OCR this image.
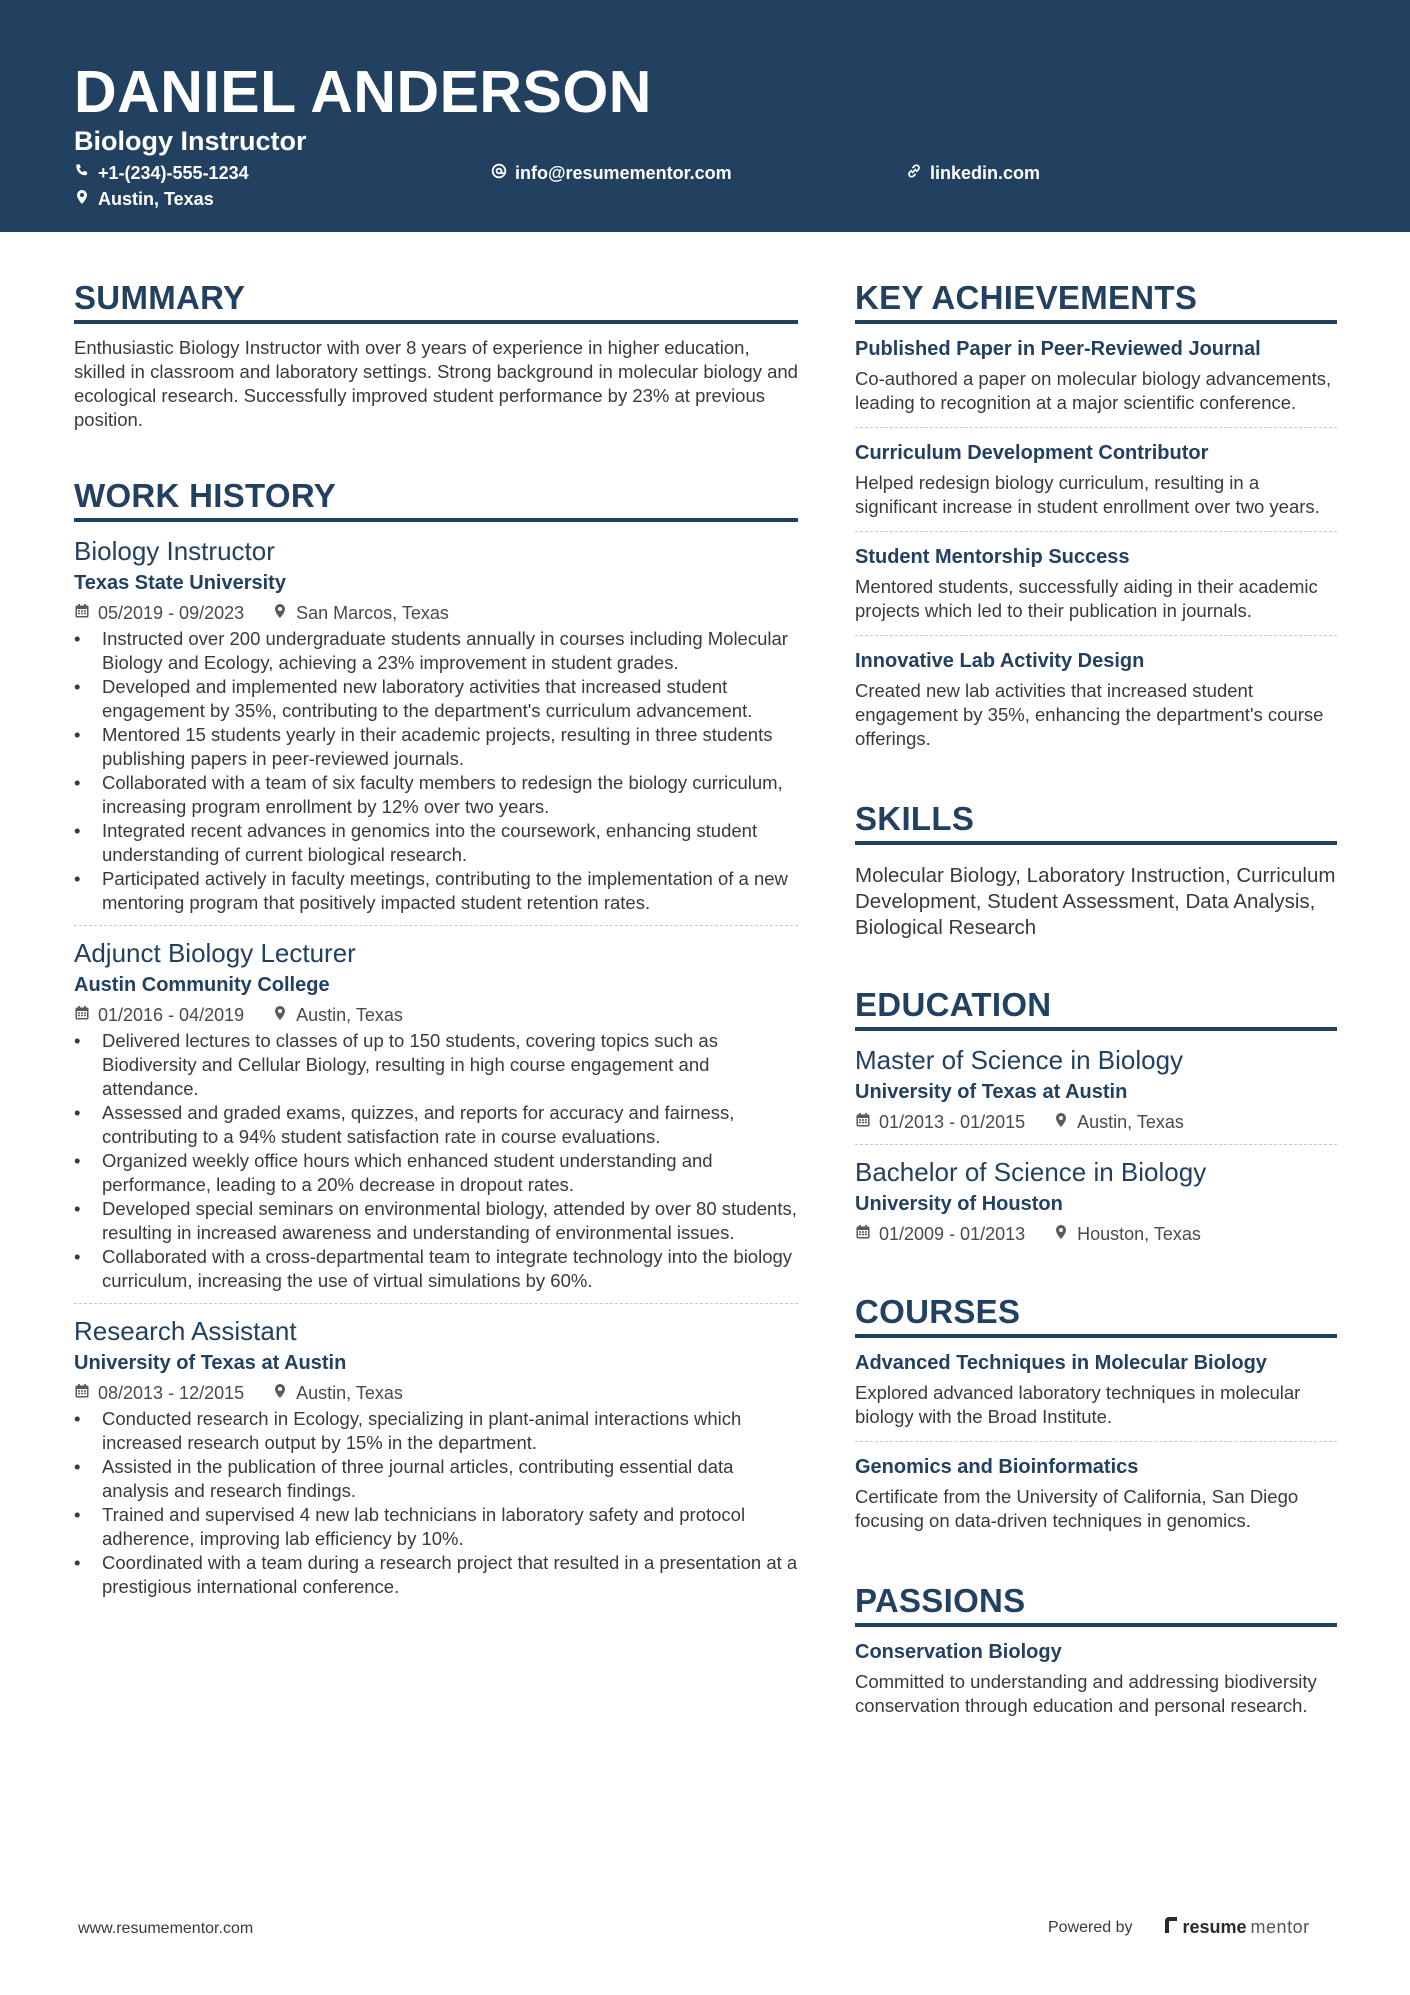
DANIEL ANDERSON
Biology Instructor
+1-(234)-555-1234	info@resumementor.com	linkedin.com
Austin, Texas
SUMMARY
Enthusiastic Biology Instructor with over 8 years of experience in higher education, skilled in classroom and laboratory settings. Strong background in molecular biology and ecological research. Successfully improved student performance by 23% at previous position.
WORK HISTORY
Biology Instructor
Texas State University
05/2019 - 09/2023	San Marcos, Texas
• Instructed over 200 undergraduate students annually in courses including Molecular Biology and Ecology, achieving a 23% improvement in student grades.
• Developed and implemented new laboratory activities that increased student engagement by 35%, contributing to the department's curriculum advancement.
• Mentored 15 students yearly in their academic projects, resulting in three students publishing papers in peer-reviewed journals.
• Collaborated with a team of six faculty members to redesign the biology curriculum, increasing program enrollment by 12% over two years.
• Integrated recent advances in genomics into the coursework, enhancing student understanding of current biological research.
• Participated actively in faculty meetings, contributing to the implementation of a new mentoring program that positively impacted student retention rates.
Adjunct Biology Lecturer
Austin Community College
01/2016 - 04/2019	Austin, Texas
• Delivered lectures to classes of up to 150 students, covering topics such as Biodiversity and Cellular Biology, resulting in high course engagement and attendance.
• Assessed and graded exams, quizzes, and reports for accuracy and fairness, contributing to a 94% student satisfaction rate in course evaluations.
• Organized weekly office hours which enhanced student understanding and performance, leading to a 20% decrease in dropout rates.
• Developed special seminars on environmental biology, attended by over 80 students, resulting in increased awareness and understanding of environmental issues.
• Collaborated with a cross-departmental team to integrate technology into the biology curriculum, increasing the use of virtual simulations by 60%.
Research Assistant
University of Texas at Austin
08/2013 - 12/2015	Austin, Texas
• Conducted research in Ecology, specializing in plant-animal interactions which increased research output by 15% in the department.
• Assisted in the publication of three journal articles, contributing essential data analysis and research findings.
• Trained and supervised 4 new lab technicians in laboratory safety and protocol adherence, improving lab efficiency by 10%.
• Coordinated with a team during a research project that resulted in a presentation at a prestigious international conference.
KEY ACHIEVEMENTS
Published Paper in Peer-Reviewed Journal
Co-authored a paper on molecular biology advancements, leading to recognition at a major scientific conference.
Curriculum Development Contributor
Helped redesign biology curriculum, resulting in a significant increase in student enrollment over two years.
Student Mentorship Success
Mentored students, successfully aiding in their academic projects which led to their publication in journals.
Innovative Lab Activity Design
Created new lab activities that increased student engagement by 35%, enhancing the department's course offerings.
SKILLS
Molecular Biology, Laboratory Instruction, Curriculum Development, Student Assessment, Data Analysis, Biological Research
EDUCATION
Master of Science in Biology
University of Texas at Austin
01/2013 - 01/2015	Austin, Texas
Bachelor of Science in Biology
University of Houston
01/2009 - 01/2013	Houston, Texas
COURSES
Advanced Techniques in Molecular Biology
Explored advanced laboratory techniques in molecular biology with the Broad Institute.
Genomics and Bioinformatics
Certificate from the University of California, San Diego focusing on data-driven techniques in genomics.
PASSIONS
Conservation Biology
Committed to understanding and addressing biodiversity conservation through education and personal research.
www.resumementor.com	Powered by	resume mentor
